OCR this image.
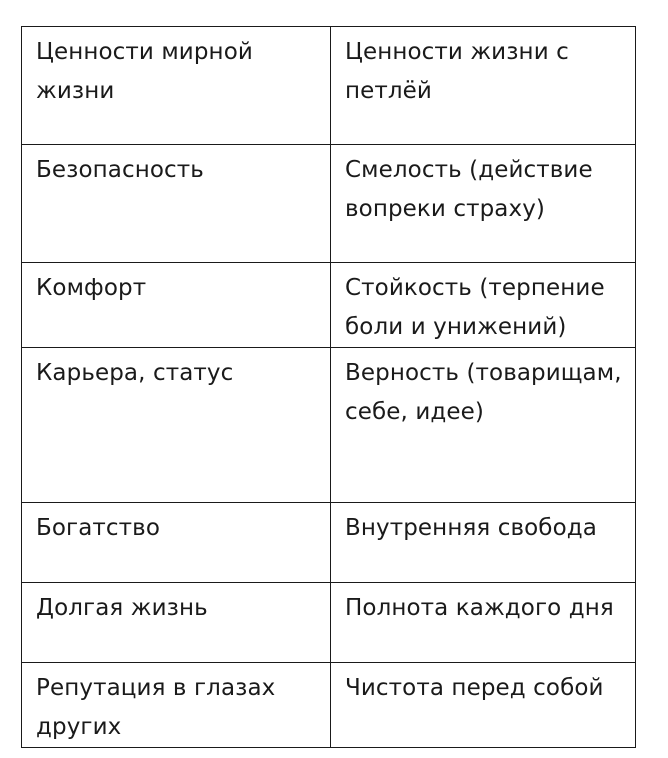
Ценности мирной жизни	Ценности жизни с петлёй
Безопасность	Смелость (действие вопреки страху)
Комфорт	Стойкость (терпение боли и унижений)
Карьера, статус	Верность (товарищам, себе, идее)
Богатство	Внутренняя свобода
Долгая жизнь	Полнота каждого дня
Репутация в глазах других	Чистота перед собой
